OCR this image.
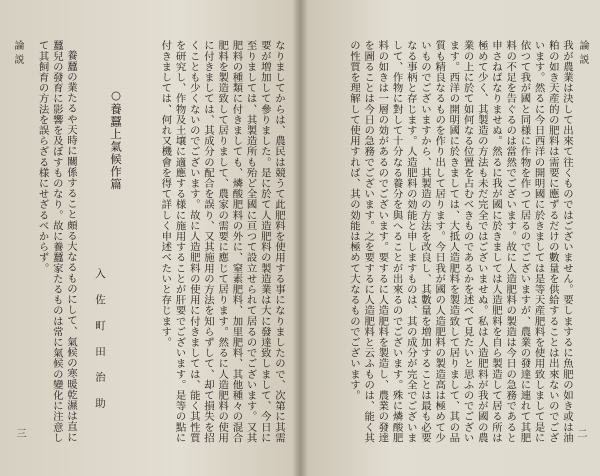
論説
三	なりましてからは、農民は競うて此肥料を使用する事になりましたので、次第に其需要が増加して參りました。是に於て人造肥料の製造業は大に發達致しまして、今日に至りましては、其製造所も殆ど全國に亘つて設立せられて居るのでございます。又其肥料の種類に付きましても、燐酸肥料の外に、窒素肥料、加里肥料、其他種々の混合肥料を製造致して居りまして、農家の需要に應じて居ります。然るに人造肥料の使用に付きましては、其成分の配合を誤り、又其施用の方法を知らずして、却て損失を招くことも少くないのでございます。故に人造肥料の使用に付きましては、能く其性質を研究し、作物及土壤に適應する様に施用することが肝要でございます。是等の點に付きましては、何れ又機會を得て詳しく申述べたいと存じます。

○養蠶上氣候作篇
入 佐 町 田 治 助

養蠶の業たるや天時に關係すること頗る大なるものにして、氣候の寒暖乾濕は直に蠶兒の發育に影響を及ぼすものなり。故に養蠶家たるものは常に氣候の變化に注意して其飼育の方法を誤らざる様にせざるべからず。	論説
二

我が農業は決して出來て往くものではございません。要しまするに魚肥の如き或は油粕の如き天産的の肥料は需要に應ずるだけの數量を供給することは出來ないのでございます。然るに今日西洋の開明國に於きましては是等天産肥料を使用致しまして是に依つて我が國と同様に作物を作つて居るのでございますが、農業の發達に連れて其肥料の不足を告ぐるのは當然でございます。故に人造肥料の製造は今日の急務であると申さねばなりませぬ。然るに我が國に於きましては人造肥料を自ら製造して居る所は極めて少く、其製造の方法も未だ完全ではございませぬ。私は人造肥料が我が國の農業の上に於て如何なる位置を占むべきものであるかを述べて見たいと思ふのでございます。西洋の開明國に於きましては、大抵人造肥料を製造致して居りまして、其の品質も精良なるものを作り出して居ります。今日我が國の人造肥料の製造高は極めて少いものでございますから、其製造の方法を改良し、其數量を増加することは最も必要なる事柄と存じます。人造肥料の効能と申しますものは、其の成分が完全でございまして、作物に對して十分なる養分を與へることが出來るのでございます。殊に燐酸肥料の如きは一層の効があるのでございます。要するに人造肥料を製造し、農業の發達を圖ることは今日の急務でございます。之を要するに人造肥料と云ふものは、能く其の性質を理解して使用すれば、其の効能は極めて大なるものでございます。
